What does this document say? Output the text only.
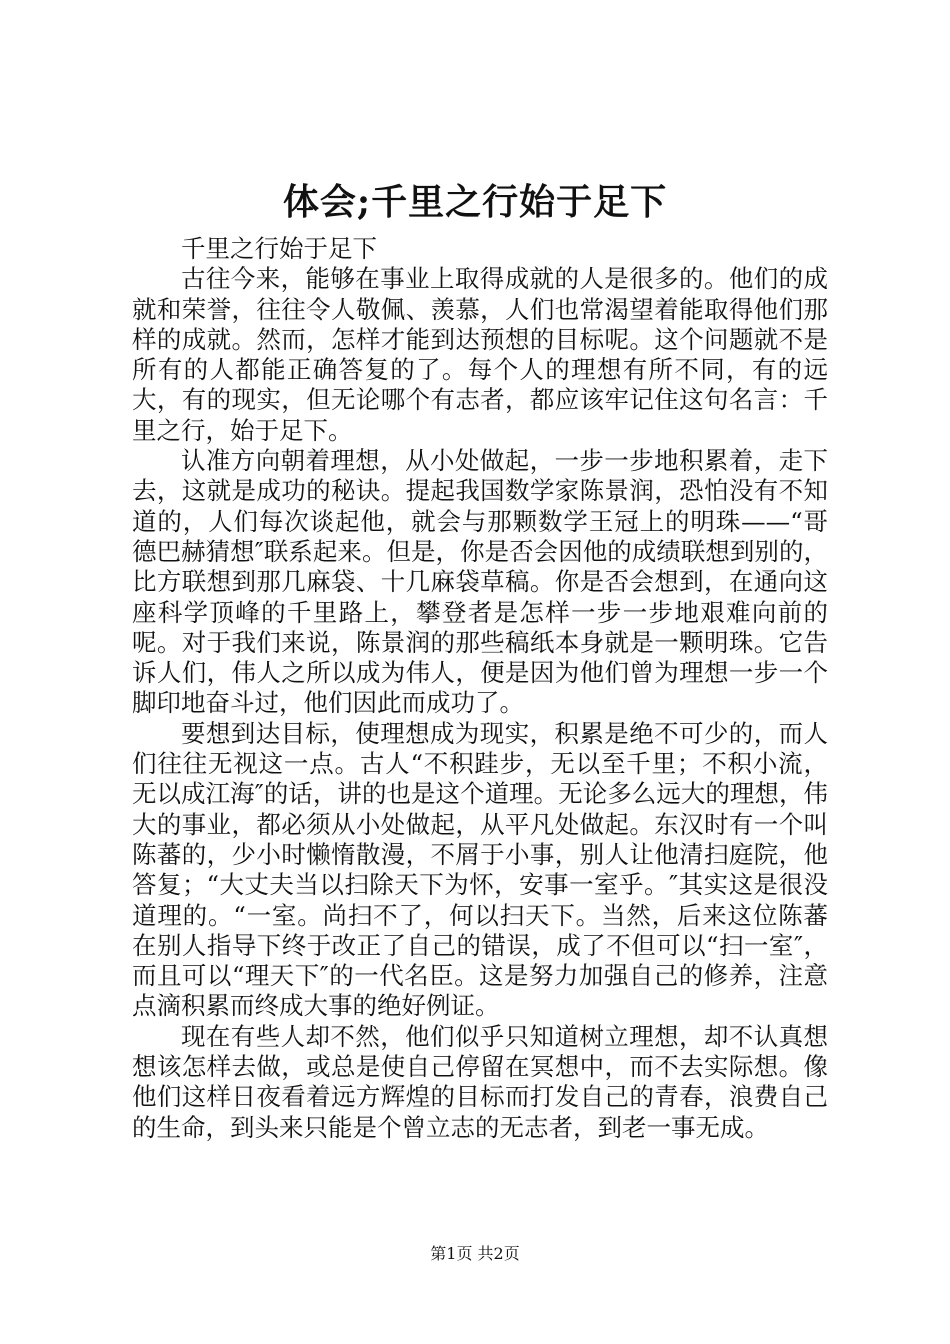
体会;千里之行始于足下

千里之行始于足下

古往今来，能够在事业上取得成就的人是很多的。他们的成就和荣誉，往往令人敬佩、羡慕，人们也常渴望着能取得他们那样的成就。然而，怎样才能到达预想的目标呢。这个问题就不是所有的人都能正确答复的了。每个人的理想有所不同，有的远大，有的现实，但无论哪个有志者，都应该牢记住这句名言：千里之行，始于足下。

认准方向朝着理想，从小处做起，一步一步地积累着，走下去，这就是成功的秘诀。提起我国数学家陈景润，恐怕没有不知道的，人们每次谈起他，就会与那颗数学王冠上的明珠——“哥德巴赫猜想″联系起来。但是，你是否会因他的成绩联想到别的，比方联想到那几麻袋、十几麻袋草稿。你是否会想到，在通向这座科学顶峰的千里路上，攀登者是怎样一步一步地艰难向前的呢。对于我们来说，陈景润的那些稿纸本身就是一颗明珠。它告诉人们，伟人之所以成为伟人，便是因为他们曾为理想一步一个脚印地奋斗过，他们因此而成功了。

要想到达目标，使理想成为现实，积累是绝不可少的，而人们往往无视这一点。古人“不积跬步，无以至千里；不积小流，无以成江海″的话，讲的也是这个道理。无论多么远大的理想，伟大的事业，都必须从小处做起，从平凡处做起。东汉时有一个叫陈蕃的，少小时懒惰散漫，不屑于小事，别人让他清扫庭院，他答复；“大丈夫当以扫除天下为怀，安事一室乎。″其实这是很没道理的。“一室。尚扫不了，何以扫天下。当然，后来这位陈蕃在别人指导下终于改正了自己的错误，成了不但可以“扫一室″，而且可以“理天下″的一代名臣。这是努力加强自己的修养，注意点滴积累而终成大事的绝好例证。

现在有些人却不然，他们似乎只知道树立理想，却不认真想想该怎样去做，或总是使自己停留在冥想中，而不去实际想。像他们这样日夜看着远方辉煌的目标而打发自己的青春，浪费自己的生命，到头来只能是个曾立志的无志者，到老一事无成。

第1页 共2页
